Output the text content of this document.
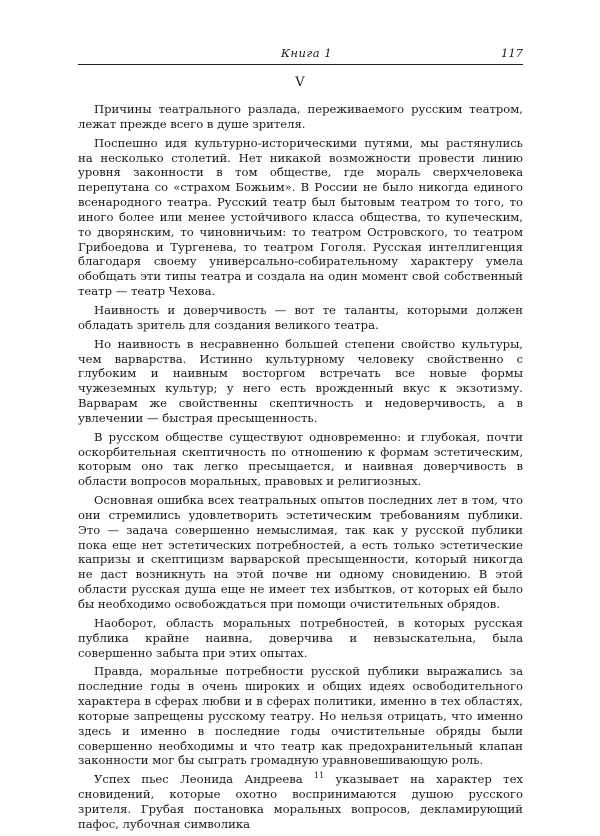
Книга 1	117
V

Причины театрального разлада, переживаемого русским театром, лежат прежде всего в душе зрителя.

Поспешно идя культурно-историческими путями, мы растянулись на несколько столетий. Нет никакой возможности провести линию уровня законности в том обществе, где мораль сверхчеловека перепутана со «страхом Божьим». В России не было никогда единого всенародного театра. Русский театр был бытовым театром то того, то иного более или менее устойчивого класса общества, то купеческим, то дворянским, то чиновничьим: то театром Островского, то театром Грибоедова и Тургенева, то театром Гоголя. Русская интеллигенция благодаря своему универсально-собирательному характеру умела обобщать эти типы театра и создала на один момент свой собственный театр — театр Чехова.

Наивность и доверчивость — вот те таланты, которыми должен обладать зритель для создания великого театра.

Но наивность в несравненно большей степени свойство культуры, чем варварства. Истинно культурному человеку свойственно с глубоким и наивным восторгом встречать все новые формы чужеземных культур; у него есть врожденный вкус к экзотизму. Варварам же свойственны скептичность и недоверчивость, а в увлечении — быстрая пресыщенность.

В русском обществе существуют одновременно: и глубокая, почти оскорбительная скептичность по отношению к формам эстетическим, которым оно так легко пресыщается, и наивная доверчивость в области вопросов моральных, правовых и религиозных.

Основная ошибка всех театральных опытов последних лет в том, что они стремились удовлетворить эстетическим требованиям публики. Это — задача совершенно немыслимая, так как у русской публики пока еще нет эстетических потребностей, а есть только эстетические капризы и скептицизм варварской пресыщенности, который никогда не даст возникнуть на этой почве ни одному сновидению. В этой области русская душа еще не имеет тех избытков, от которых ей было бы необходимо освобождаться при помощи очистительных обрядов.

Наоборот, область моральных потребностей, в которых русская публика крайне наивна, доверчива и невзыскательна, была совершенно забыта при этих опытах.

Правда, моральные потребности русской публики выражались за последние годы в очень широких и общих идеях освободительного характера в сферах любви и в сферах политики, именно в тех областях, которые запрещены русскому театру. Но нельзя отрицать, что именно здесь и именно в последние годы очистительные обряды были совершенно необходимы и что театр как предохранительный клапан законности мог бы сыграть громадную уравновешивающую роль.

Успех пьес Леонида Андреева $^{11}$ указывает на характер тех сновидений, которые охотно воспринимаются душою русского зрителя. Грубая постановка моральных вопросов, декламирующий пафос, лубочная символика
